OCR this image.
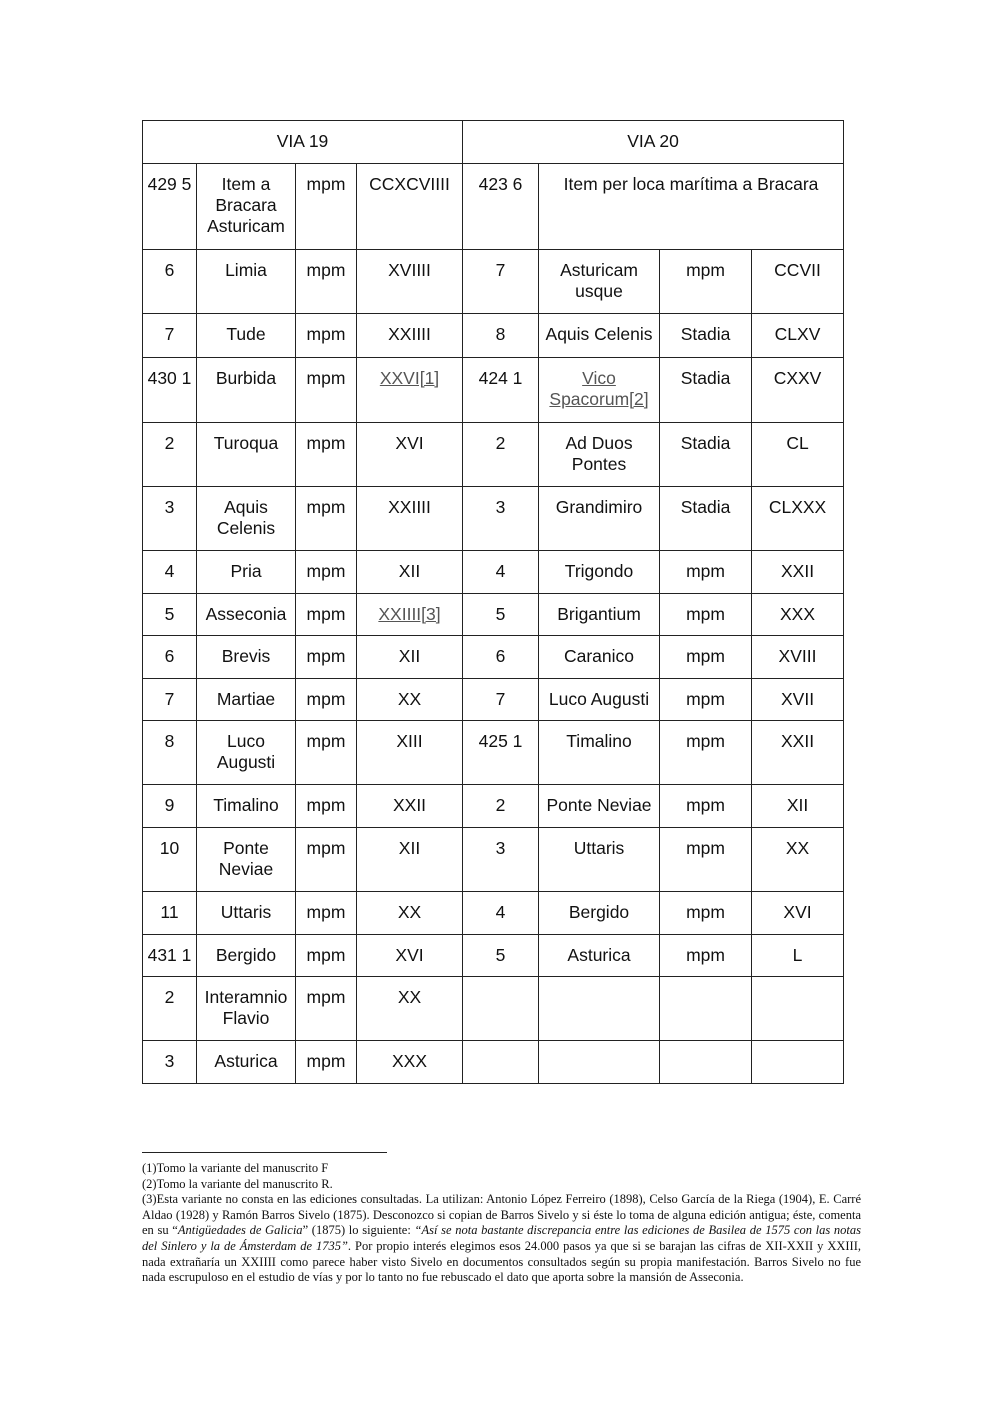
VIA 19				VIA 20			
429 5	Item a Bracara Asturicam	mpm	CCXCVIIII	423 6	Item per loca marítima a Bracara		
6	Limia	mpm	XVIIII	7	Asturicam usque	mpm	CCVII
7	Tude	mpm	XXIIII	8	Aquis Celenis	Stadia	CLXV
430 1	Burbida	mpm	XXVI[1]	424 1	Vico Spacorum[2]	Stadia	CXXV
2	Turoqua	mpm	XVI	2	Ad Duos Pontes	Stadia	CL
3	Aquis Celenis	mpm	XXIIII	3	Grandimiro	Stadia	CLXXX
4	Pria	mpm	XII	4	Trigondo	mpm	XXII
5	Asseconia	mpm	XXIIII[3]	5	Brigantium	mpm	XXX
6	Brevis	mpm	XII	6	Caranico	mpm	XVIII
7	Martiae	mpm	XX	7	Luco Augusti	mpm	XVII
8	Luco Augusti	mpm	XIII	425 1	Timalino	mpm	XXII
9	Timalino	mpm	XXII	2	Ponte Neviae	mpm	XII
10	Ponte Neviae	mpm	XII	3	Uttaris	mpm	XX
11	Uttaris	mpm	XX	4	Bergido	mpm	XVI
431 1	Bergido	mpm	XVI	5	Asturica	mpm	L
2	Interamnio Flavio	mpm	XX				
3	Asturica	mpm	XXX				

(1)Tomo la variante del manuscrito F

(2)Tomo la variante del manuscrito R.

(3)Esta variante no consta en las ediciones consultadas. La utilizan: Antonio López Ferreiro (1898), Celso García de la Riega (1904), E. Carré Aldao (1928) y Ramón Barros Sivelo (1875). Desconozco si copian de Barros Sivelo y si éste lo toma de alguna edición antigua; éste, comenta en su “Antigüedades de Galicia” (1875) lo siguiente: “Así se nota bastante discrepancia entre las ediciones de Basilea de 1575 con las notas del Sinlero y la de Ámsterdam de 1735”. Por propio interés elegimos esos 24.000 pasos ya que si se barajan las cifras de XII-XXII y XXIII, nada extrañaría un XXIIII como parece haber visto Sivelo en documentos consultados según su propia manifestación. Barros Sivelo no fue nada escrupuloso en el estudio de vías y por lo tanto no fue rebuscado el dato que aporta sobre la mansión de Asseconia.
